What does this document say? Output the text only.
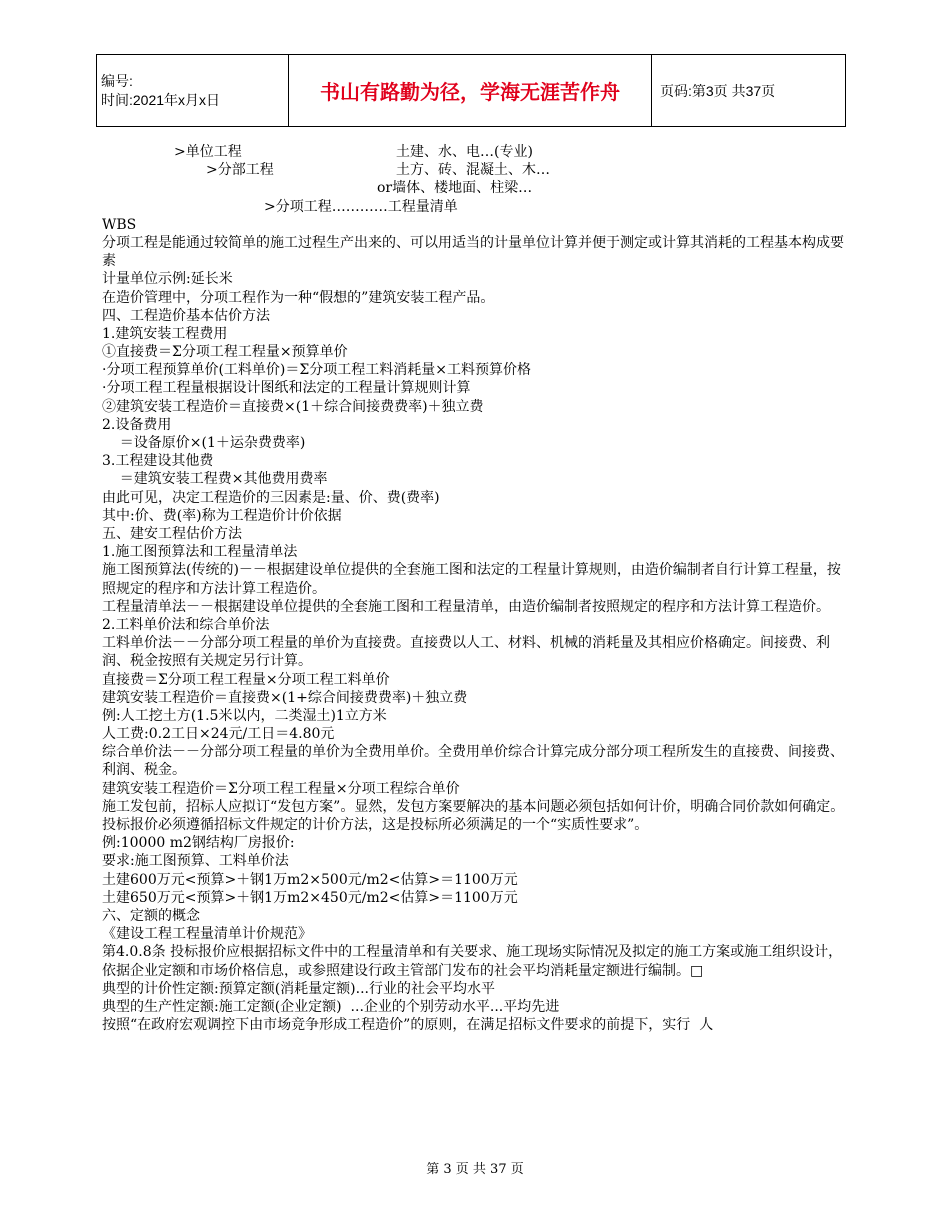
编号:
时间:2021年x月x日	书山有路勤为径，学海无涯苦作舟	页码:第3页 共37页
>单位工程	土建、水、电…(专业)
>分部工程	土方、砖、混凝土、木…
or墙体、楼地面、柱梁…
>分项工程…………工程量清单
WBS
分项工程是能通过较简单的施工过程生产出来的、可以用适当的计量单位计算并便于测定或计算其消耗的工程基本构成要素
计量单位示例:延长米
在造价管理中，分项工程作为一种“假想的”建筑安装工程产品。
四、工程造价基本估价方法
1.建筑安装工程费用
①直接费＝Σ分项工程工程量×预算单价
·分项工程预算单价(工料单价)＝Σ分项工程工料消耗量×工料预算价格
·分项工程工程量根据设计图纸和法定的工程量计算规则计算
②建筑安装工程造价＝直接费×(1＋综合间接费费率)＋独立费
2.设备费用
＝设备原价×(1＋运杂费费率)
3.工程建设其他费
＝建筑安装工程费×其他费用费率
由此可见，决定工程造价的三因素是:量、价、费(费率)
其中:价、费(率)称为工程造价计价依据
五、建安工程估价方法
1.施工图预算法和工程量清单法
施工图预算法(传统的)－－根据建设单位提供的全套施工图和法定的工程量计算规则，由造价编制者自行计算工程量，按照规定的程序和方法计算工程造价。
工程量清单法－－根据建设单位提供的全套施工图和工程量清单，由造价编制者按照规定的程序和方法计算工程造价。
2.工料单价法和综合单价法
工料单价法－－分部分项工程量的单价为直接费。直接费以人工、材料、机械的消耗量及其相应价格确定。间接费、利润、税金按照有关规定另行计算。
直接费＝Σ分项工程工程量×分项工程工料单价
建筑安装工程造价＝直接费×(1+综合间接费费率)＋独立费
例:人工挖土方(1.5米以内，二类湿土)1立方米
人工费:0.2工日×24元/工日＝4.80元
综合单价法－－分部分项工程量的单价为全费用单价。全费用单价综合计算完成分部分项工程所发生的直接费、间接费、利润、税金。
建筑安装工程造价＝Σ分项工程工程量×分项工程综合单价
施工发包前，招标人应拟订“发包方案”。显然，发包方案要解决的基本问题必须包括如何计价，明确合同价款如何确定。投标报价必须遵循招标文件规定的计价方法，这是投标所必须满足的一个“实质性要求”。
例:10000 m2钢结构厂房报价:
要求:施工图预算、工料单价法
土建600万元<预算>＋钢1万m2×500元/m2<估算>＝1100万元
土建650万元<预算>＋钢1万m2×450元/m2<估算>＝1100万元
六、定额的概念
《建设工程工程量清单计价规范》
第4.0.8条 投标报价应根据招标文件中的工程量清单和有关要求、施工现场实际情况及拟定的施工方案或施工组织设计，依据企业定额和市场价格信息，或参照建设行政主管部门发布的社会平均消耗量定额进行编制。□
典型的计价性定额:预算定额(消耗量定额)...行业的社会平均水平
典型的生产性定额:施工定额(企业定额)  ...企业的个别劳动水平...平均先进
按照“在政府宏观调控下由市场竞争形成工程造价”的原则，在满足招标文件要求的前提下，实行  人
第 3 页 共 37 页
